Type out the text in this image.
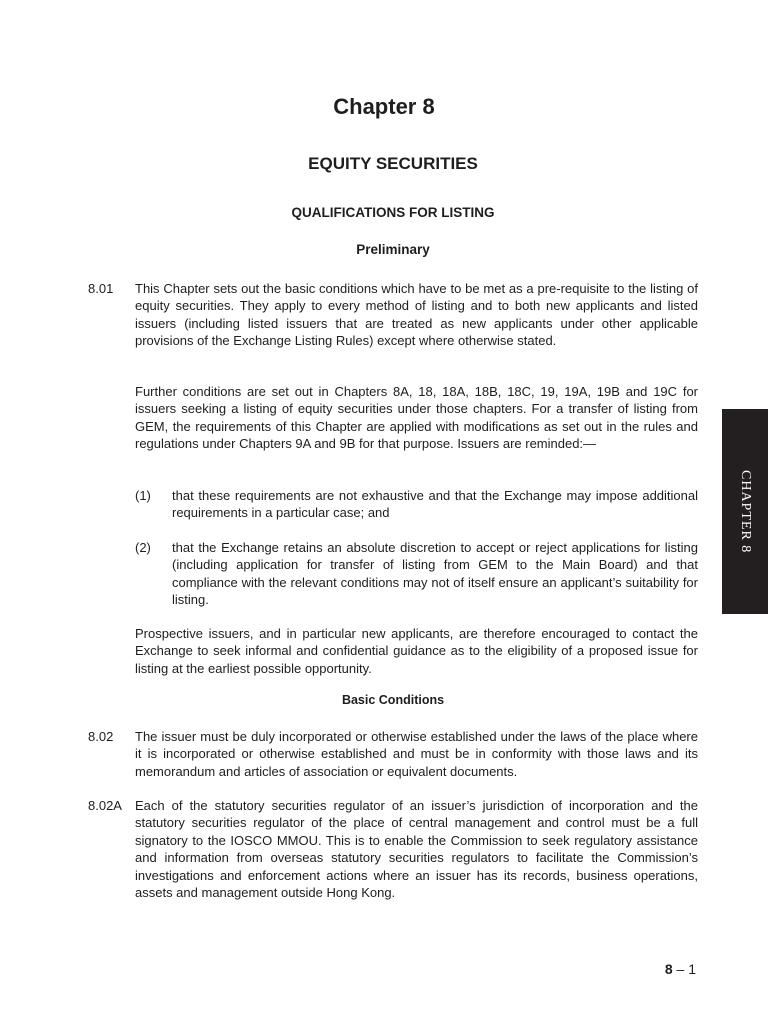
Chapter 8
EQUITY SECURITIES
QUALIFICATIONS FOR LISTING
Preliminary
8.01 This Chapter sets out the basic conditions which have to be met as a pre-requisite to the listing of equity securities. They apply to every method of listing and to both new applicants and listed issuers (including listed issuers that are treated as new applicants under other applicable provisions of the Exchange Listing Rules) except where otherwise stated.

Further conditions are set out in Chapters 8A, 18, 18A, 18B, 18C, 19, 19A, 19B and 19C for issuers seeking a listing of equity securities under those chapters. For a transfer of listing from GEM, the requirements of this Chapter are applied with modifications as set out in the rules and regulations under Chapters 9A and 9B for that purpose. Issuers are reminded:—

(1) that these requirements are not exhaustive and that the Exchange may impose additional requirements in a particular case; and

(2) that the Exchange retains an absolute discretion to accept or reject applications for listing (including application for transfer of listing from GEM to the Main Board) and that compliance with the relevant conditions may not of itself ensure an applicant’s suitability for listing.

Prospective issuers, and in particular new applicants, are therefore encouraged to contact the Exchange to seek informal and confidential guidance as to the eligibility of a proposed issue for listing at the earliest possible opportunity.

Basic Conditions
8.02 The issuer must be duly incorporated or otherwise established under the laws of the place where it is incorporated or otherwise established and must be in conformity with those laws and its memorandum and articles of association or equivalent documents.

8.02A Each of the statutory securities regulator of an issuer’s jurisdiction of incorporation and the statutory securities regulator of the place of central management and control must be a full signatory to the IOSCO MMOU. This is to enable the Commission to seek regulatory assistance and information from overseas statutory securities regulators to facilitate the Commission’s investigations and enforcement actions where an issuer has its records, business operations, assets and management outside Hong Kong.

CHAPTER 8
8 – 1
